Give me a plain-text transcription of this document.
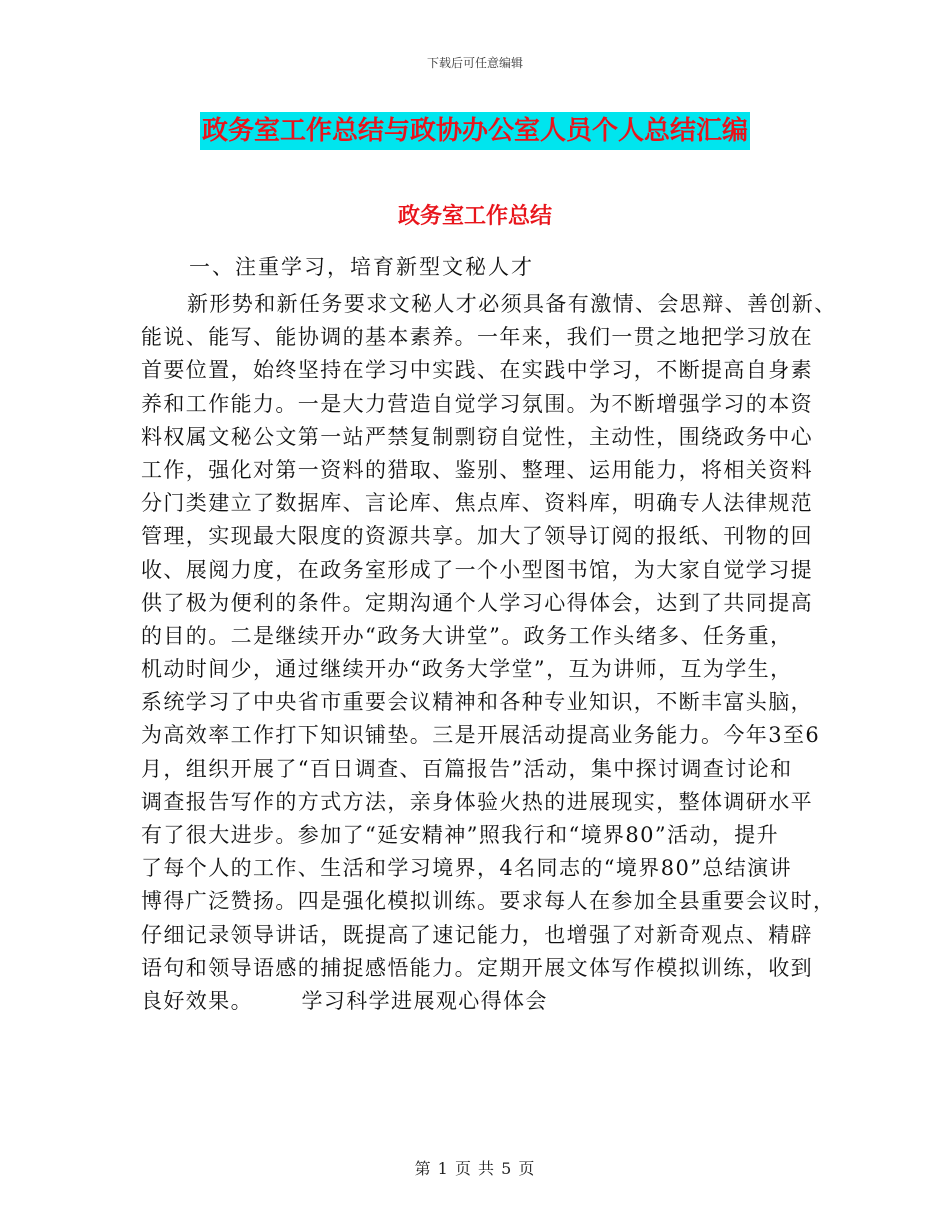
下载后可任意编辑
政务室工作总结与政协办公室人员个人总结汇编
政务室工作总结
一、注重学习，培育新型文秘人才
新形势和新任务要求文秘人才必须具备有激情、会思辩、善创新、
能说、能写、能协调的基本素养。一年来，我们一贯之地把学习放在
首要位置，始终坚持在学习中实践、在实践中学习，不断提高自身素
养和工作能力。一是大力营造自觉学习氛围。为不断增强学习的本资
料权属文秘公文第一站严禁复制剽窃自觉性，主动性，围绕政务中心
工作，强化对第一资料的猎取、鉴别、整理、运用能力，将相关资料
分门类建立了数据库、言论库、焦点库、资料库，明确专人法律规范
管理，实现最大限度的资源共享。加大了领导订阅的报纸、刊物的回
收、展阅力度，在政务室形成了一个小型图书馆，为大家自觉学习提
供了极为便利的条件。定期沟通个人学习心得体会，达到了共同提高
的目的。二是继续开办“政务大讲堂”。政务工作头绪多、任务重，
机动时间少，通过继续开办“政务大学堂”，互为讲师，互为学生，
系统学习了中央省市重要会议精神和各种专业知识，不断丰富头脑，
为高效率工作打下知识铺垫。三是开展活动提高业务能力。今年3至6
月，组织开展了“百日调查、百篇报告”活动，集中探讨调查讨论和
调查报告写作的方式方法，亲身体验火热的进展现实，整体调研水平
有了很大进步。参加了“延安精神”照我行和“境界80”活动，提升
了每个人的工作、生活和学习境界，4名同志的“境界80”总结演讲
博得广泛赞扬。四是强化模拟训练。要求每人在参加全县重要会议时，
仔细记录领导讲话，既提高了速记能力，也增强了对新奇观点、精辟
语句和领导语感的捕捉感悟能力。定期开展文体写作模拟训练，收到
良好效果。      学习科学进展观心得体会
第 1 页 共 5 页
